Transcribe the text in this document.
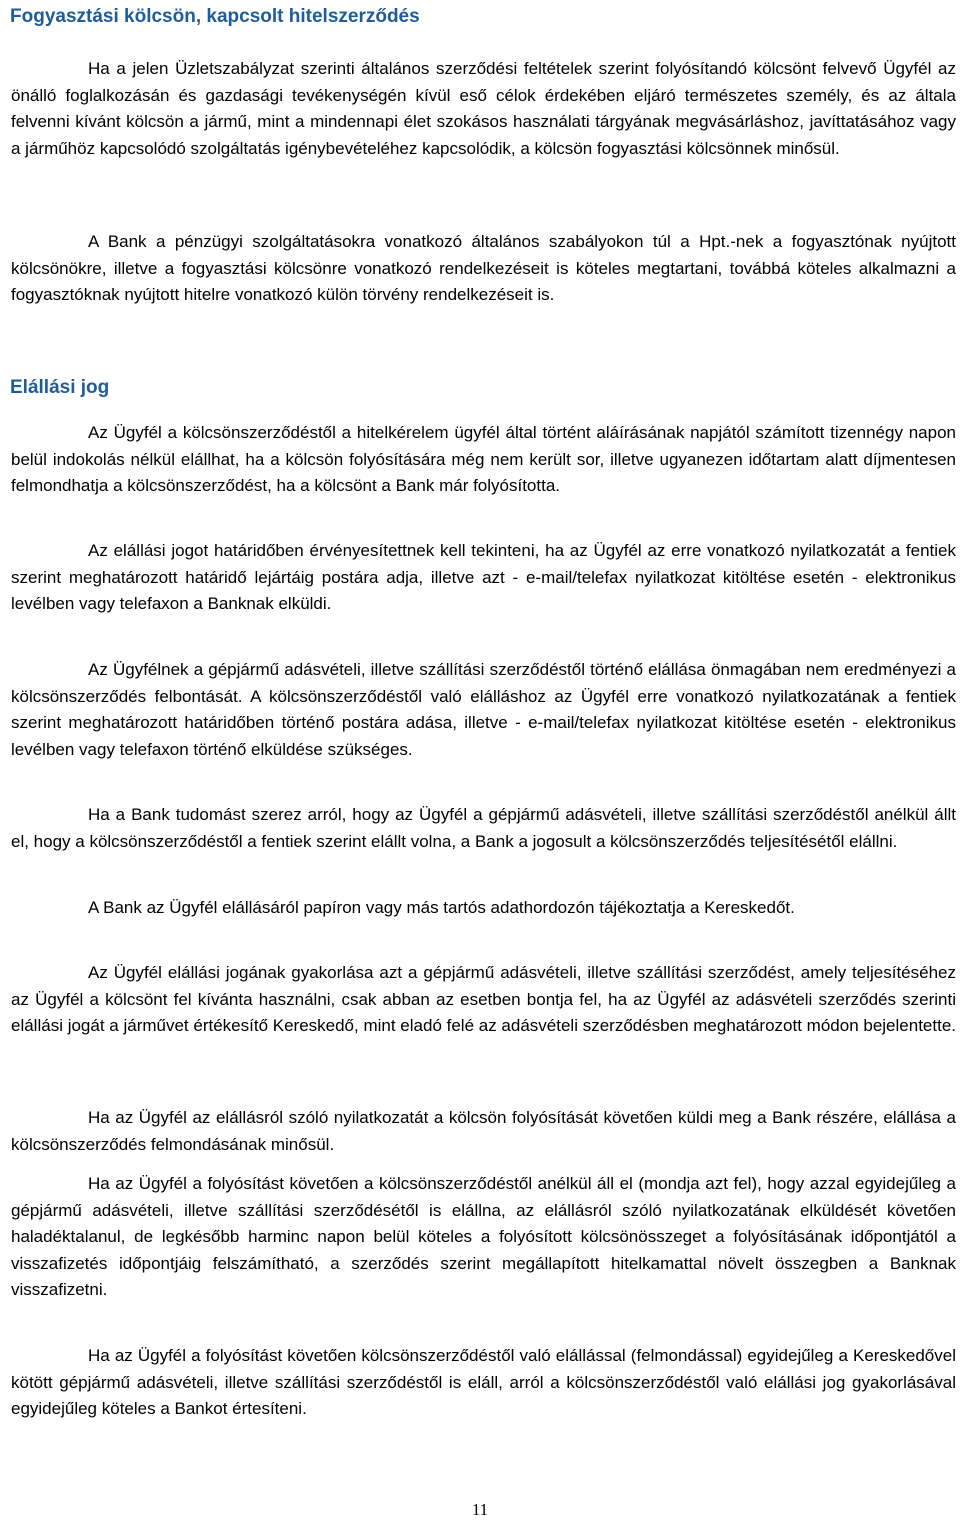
Fogyasztási kölcsön, kapcsolt hitelszerződés

Ha a jelen Üzletszabályzat szerinti általános szerződési feltételek szerint folyósítandó kölcsönt felvevő Ügyfél az önálló foglalkozásán és gazdasági tevékenységén kívül eső célok érdekében eljáró természetes személy, és az általa felvenni kívánt kölcsön a jármű, mint a mindennapi élet szokásos használati tárgyának megvásárláshoz, javíttatásához vagy a járműhöz kapcsolódó szolgáltatás igénybevételéhez kapcsolódik, a kölcsön fogyasztási kölcsönnek minősül.

A Bank a pénzügyi szolgáltatásokra vonatkozó általános szabályokon túl a Hpt.-nek a fogyasztónak nyújtott kölcsönökre, illetve a fogyasztási kölcsönre vonatkozó rendelkezéseit is köteles megtartani, továbbá köteles alkalmazni a fogyasztóknak nyújtott hitelre vonatkozó külön törvény rendelkezéseit is.

Elállási jog

Az Ügyfél a kölcsönszerződéstől a hitelkérelem ügyfél által történt aláírásának napjától számított tizennégy napon belül indokolás nélkül elállhat, ha a kölcsön folyósítására még nem került sor, illetve ugyanezen időtartam alatt díjmentesen felmondhatja a kölcsönszerződést, ha a kölcsönt a Bank már folyósította.

Az elállási jogot határidőben érvényesítettnek kell tekinteni, ha az Ügyfél az erre vonatkozó nyilatkozatát a fentiek szerint meghatározott határidő lejártáig postára adja, illetve azt - e-mail/telefax nyilatkozat kitöltése esetén - elektronikus levélben vagy telefaxon a Banknak elküldi.

Az Ügyfélnek a gépjármű adásvételi, illetve szállítási szerződéstől történő elállása önmagában nem eredményezi a kölcsönszerződés felbontását. A kölcsönszerződéstől való elálláshoz az Ügyfél erre vonatkozó nyilatkozatának a fentiek szerint meghatározott határidőben történő postára adása, illetve - e-mail/telefax nyilatkozat kitöltése esetén - elektronikus levélben vagy telefaxon történő elküldése szükséges.

Ha a Bank tudomást szerez arról, hogy az Ügyfél a gépjármű adásvételi, illetve szállítási szerződéstől anélkül állt el, hogy a kölcsönszerződéstől a fentiek szerint elállt volna, a Bank a jogosult a kölcsönszerződés teljesítésétől elállni.

A Bank az Ügyfél elállásáról papíron vagy más tartós adathordozón tájékoztatja a Kereskedőt.

Az Ügyfél elállási jogának gyakorlása azt a gépjármű adásvételi, illetve szállítási szerződést, amely teljesítéséhez az Ügyfél a kölcsönt fel kívánta használni, csak abban az esetben bontja fel, ha az Ügyfél az adásvételi szerződés szerinti elállási jogát a járművet értékesítő Kereskedő, mint eladó felé az adásvételi szerződésben meghatározott módon bejelentette.

Ha az Ügyfél az elállásról szóló nyilatkozatát a kölcsön folyósítását követően küldi meg a Bank részére, elállása a kölcsönszerződés felmondásának minősül.

Ha az Ügyfél a folyósítást követően a kölcsönszerződéstől anélkül áll el (mondja azt fel), hogy azzal egyidejűleg a gépjármű adásvételi, illetve szállítási szerződésétől is elállna, az elállásról szóló nyilatkozatának elküldését követően haladéktalanul, de legkésőbb harminc napon belül köteles a folyósított kölcsönösszeget a folyósításának időpontjától a visszafizetés időpontjáig felszámítható, a szerződés szerint megállapított hitelkamattal növelt összegben a Banknak visszafizetni.

Ha az Ügyfél a folyósítást követően kölcsönszerződéstől való elállással (felmondással) egyidejűleg a Kereskedővel kötött gépjármű adásvételi, illetve szállítási szerződéstől is eláll, arról a kölcsönszerződéstől való elállási jog gyakorlásával egyidejűleg köteles a Bankot értesíteni.

11
